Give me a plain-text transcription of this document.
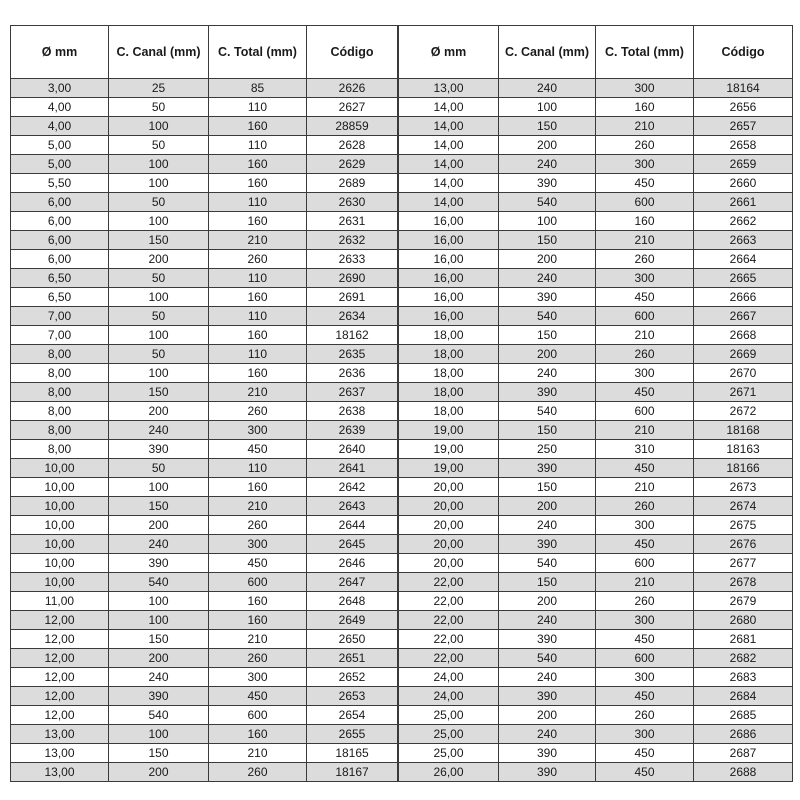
Ø mm	C. Canal (mm)	C. Total (mm)	Código
3,00	25	85	2626
4,00	50	110	2627
4,00	100	160	28859
5,00	50	110	2628
5,00	100	160	2629
5,50	100	160	2689
6,00	50	110	2630
6,00	100	160	2631
6,00	150	210	2632
6,00	200	260	2633
6,50	50	110	2690
6,50	100	160	2691
7,00	50	110	2634
7,00	100	160	18162
8,00	50	110	2635
8,00	100	160	2636
8,00	150	210	2637
8,00	200	260	2638
8,00	240	300	2639
8,00	390	450	2640
10,00	50	110	2641
10,00	100	160	2642
10,00	150	210	2643
10,00	200	260	2644
10,00	240	300	2645
10,00	390	450	2646
10,00	540	600	2647
11,00	100	160	2648
12,00	100	160	2649
12,00	150	210	2650
12,00	200	260	2651
12,00	240	300	2652
12,00	390	450	2653
12,00	540	600	2654
13,00	100	160	2655
13,00	150	210	18165
13,00	200	260	18167
Ø mm	C. Canal (mm)	C. Total (mm)	Código
13,00	240	300	18164
14,00	100	160	2656
14,00	150	210	2657
14,00	200	260	2658
14,00	240	300	2659
14,00	390	450	2660
14,00	540	600	2661
16,00	100	160	2662
16,00	150	210	2663
16,00	200	260	2664
16,00	240	300	2665
16,00	390	450	2666
16,00	540	600	2667
18,00	150	210	2668
18,00	200	260	2669
18,00	240	300	2670
18,00	390	450	2671
18,00	540	600	2672
19,00	150	210	18168
19,00	250	310	18163
19,00	390	450	18166
20,00	150	210	2673
20,00	200	260	2674
20,00	240	300	2675
20,00	390	450	2676
20,00	540	600	2677
22,00	150	210	2678
22,00	200	260	2679
22,00	240	300	2680
22,00	390	450	2681
22,00	540	600	2682
24,00	240	300	2683
24,00	390	450	2684
25,00	200	260	2685
25,00	240	300	2686
25,00	390	450	2687
26,00	390	450	2688
